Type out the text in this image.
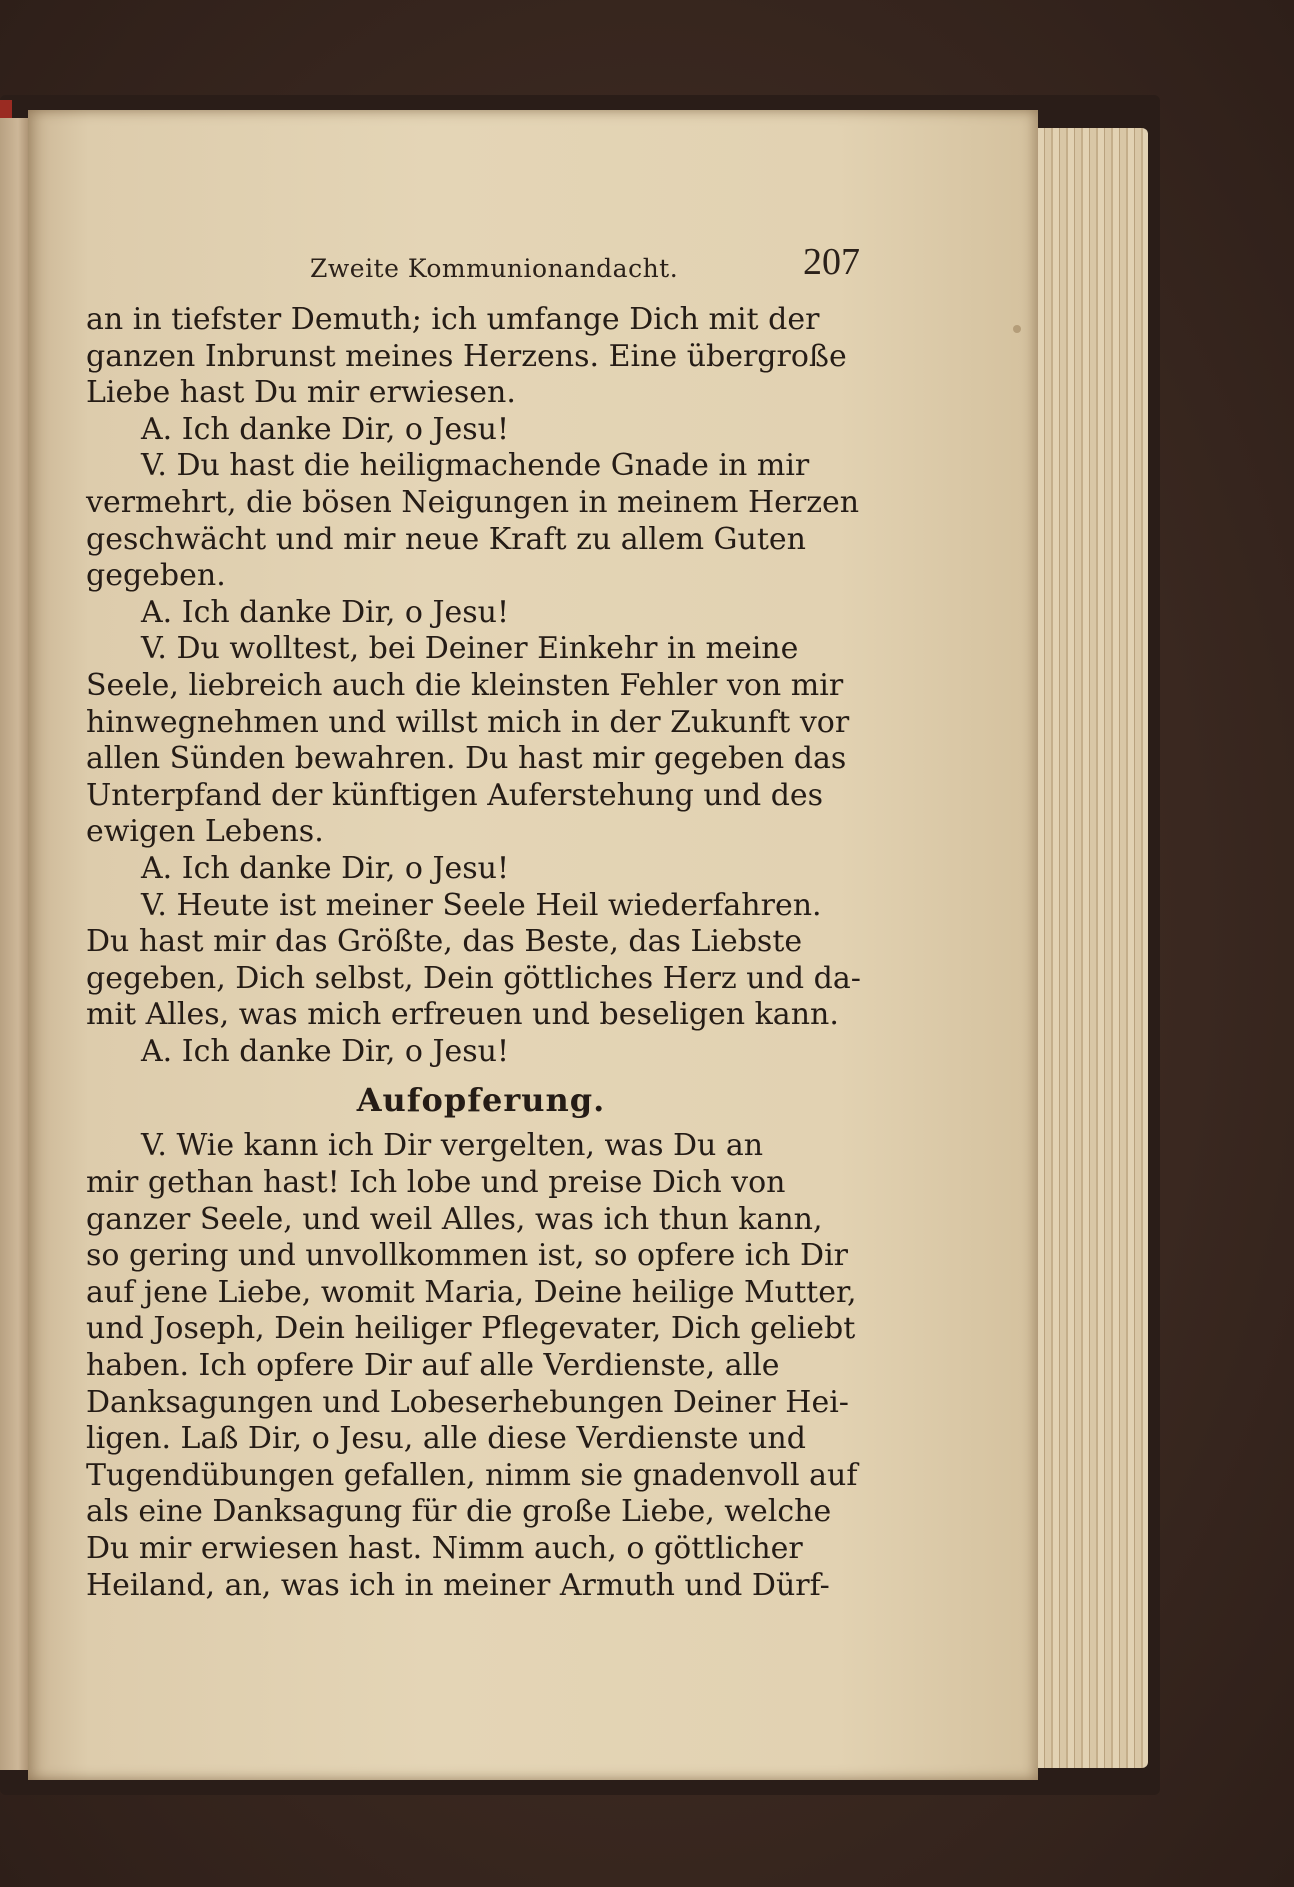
Zweite Kommunionandacht.	207
an in tiefster Demuth; ich umfange Dich mit der
ganzen Inbrunst meines Herzens. Eine übergroße
Liebe hast Du mir erwiesen.
A. Ich danke Dir, o Jesu!
V. Du hast die heiligmachende Gnade in mir
vermehrt, die bösen Neigungen in meinem Herzen
geschwächt und mir neue Kraft zu allem Guten
gegeben.
A. Ich danke Dir, o Jesu!
V. Du wolltest, bei Deiner Einkehr in meine
Seele, liebreich auch die kleinsten Fehler von mir
hinwegnehmen und willst mich in der Zukunft vor
allen Sünden bewahren. Du hast mir gegeben das
Unterpfand der künftigen Auferstehung und des
ewigen Lebens.
A. Ich danke Dir, o Jesu!
V. Heute ist meiner Seele Heil wiederfahren.
Du hast mir das Größte, das Beste, das Liebste
gegeben, Dich selbst, Dein göttliches Herz und da-
mit Alles, was mich erfreuen und beseligen kann.
A. Ich danke Dir, o Jesu!
Aufopferung.
V. Wie kann ich Dir vergelten, was Du an
mir gethan hast! Ich lobe und preise Dich von
ganzer Seele, und weil Alles, was ich thun kann,
so gering und unvollkommen ist, so opfere ich Dir
auf jene Liebe, womit Maria, Deine heilige Mutter,
und Joseph, Dein heiliger Pflegevater, Dich geliebt
haben. Ich opfere Dir auf alle Verdienste, alle
Danksagungen und Lobeserhebungen Deiner Hei-
ligen. Laß Dir, o Jesu, alle diese Verdienste und
Tugendübungen gefallen, nimm sie gnadenvoll auf
als eine Danksagung für die große Liebe, welche
Du mir erwiesen hast. Nimm auch, o göttlicher
Heiland, an, was ich in meiner Armuth und Dürf-
